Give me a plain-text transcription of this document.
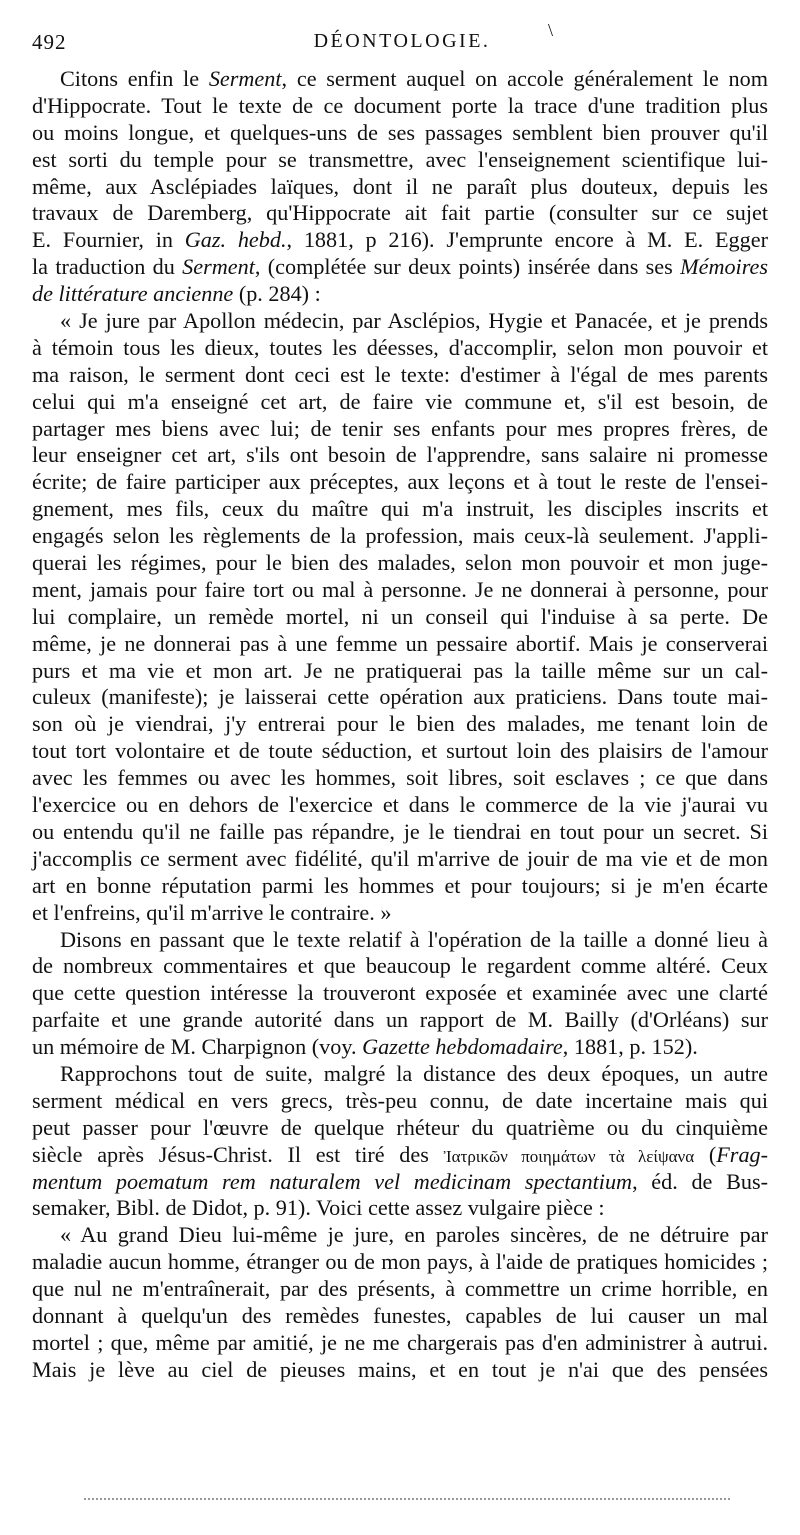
492	DÉONTOLOGIE.	\
Citons enfin le Serment, ce serment auquel on accole généralement le nom
d'Hippocrate. Tout le texte de ce document porte la trace d'une tradition plus
ou moins longue, et quelques-uns de ses passages semblent bien prouver qu'il
est sorti du temple pour se transmettre, avec l'enseignement scientifique lui-
même, aux Asclépiades laïques, dont il ne paraît plus douteux, depuis les
travaux de Daremberg, qu'Hippocrate ait fait partie (consulter sur ce sujet
E. Fournier, in Gaz. hebd., 1881, p 216). J'emprunte encore à M. E. Egger
la traduction du Serment, (complétée sur deux points) insérée dans ses Mémoires
de littérature ancienne (p. 284) :
« Je jure par Apollon médecin, par Asclépios, Hygie et Panacée, et je prends
à témoin tous les dieux, toutes les déesses, d'accomplir, selon mon pouvoir et
ma raison, le serment dont ceci est le texte: d'estimer à l'égal de mes parents
celui qui m'a enseigné cet art, de faire vie commune et, s'il est besoin, de
partager mes biens avec lui; de tenir ses enfants pour mes propres frères, de
leur enseigner cet art, s'ils ont besoin de l'apprendre, sans salaire ni promesse
écrite; de faire participer aux préceptes, aux leçons et à tout le reste de l'ensei-
gnement, mes fils, ceux du maître qui m'a instruit, les disciples inscrits et
engagés selon les règlements de la profession, mais ceux-là seulement. J'appli-
querai les régimes, pour le bien des malades, selon mon pouvoir et mon juge-
ment, jamais pour faire tort ou mal à personne. Je ne donnerai à personne, pour
lui complaire, un remède mortel, ni un conseil qui l'induise à sa perte. De
même, je ne donnerai pas à une femme un pessaire abortif. Mais je conserverai
purs et ma vie et mon art. Je ne pratiquerai pas la taille même sur un cal-
culeux (manifeste); je laisserai cette opération aux praticiens. Dans toute mai-
son où je viendrai, j'y entrerai pour le bien des malades, me tenant loin de
tout tort volontaire et de toute séduction, et surtout loin des plaisirs de l'amour
avec les femmes ou avec les hommes, soit libres, soit esclaves ; ce que dans
l'exercice ou en dehors de l'exercice et dans le commerce de la vie j'aurai vu
ou entendu qu'il ne faille pas répandre, je le tiendrai en tout pour un secret. Si
j'accomplis ce serment avec fidélité, qu'il m'arrive de jouir de ma vie et de mon
art en bonne réputation parmi les hommes et pour toujours; si je m'en écarte
et l'enfreins, qu'il m'arrive le contraire. »
Disons en passant que le texte relatif à l'opération de la taille a donné lieu à
de nombreux commentaires et que beaucoup le regardent comme altéré. Ceux
que cette question intéresse la trouveront exposée et examinée avec une clarté
parfaite et une grande autorité dans un rapport de M. Bailly (d'Orléans) sur
un mémoire de M. Charpignon (voy. Gazette hebdomadaire, 1881, p. 152).
Rapprochons tout de suite, malgré la distance des deux époques, un autre
serment médical en vers grecs, très-peu connu, de date incertaine mais qui
peut passer pour l'œuvre de quelque rhéteur du quatrième ou du cinquième
siècle après Jésus-Christ. Il est tiré des Ἰατρικῶν ποιημάτων τὰ λείψανα (Frag-
mentum poematum rem naturalem vel medicinam spectantium, éd. de Bus-
semaker, Bibl. de Didot, p. 91). Voici cette assez vulgaire pièce :
« Au grand Dieu lui-même je jure, en paroles sincères, de ne détruire par
maladie aucun homme, étranger ou de mon pays, à l'aide de pratiques homicides ;
que nul ne m'entraînerait, par des présents, à commettre un crime horrible, en
donnant à quelqu'un des remèdes funestes, capables de lui causer un mal
mortel ; que, même par amitié, je ne me chargerais pas d'en administrer à autrui.
Mais je lève au ciel de pieuses mains, et en tout je n'ai que des pensées
